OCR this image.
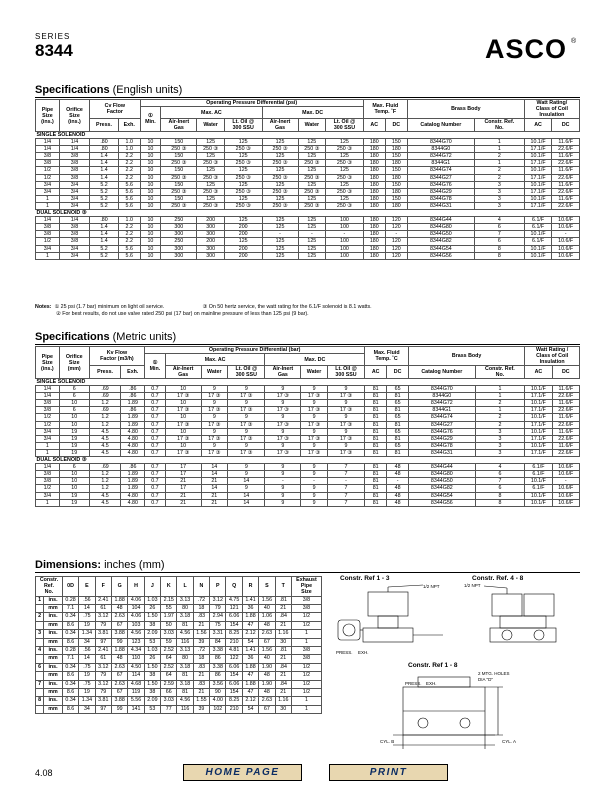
SERIES
8344	ASCO ®
Specifications (English units)
Pipe
Size
(ins.)	Orifice
Size
(ins.)	Cv Flow
Factor		Operating Pressure Differential (psi)							Max. Fluid
Temp. ˚F		Brass Body		Watt Rating/
Class of Coil
Insulation	
				①
Min.	Max. AC			Max. DC								
		Press.	Exh.		Air-Inert
Gas	Water	Lt. Oil @
300 SSU	Air-Inert
Gas	Water	Lt. Oil @
300 SSU	AC	DC	Catalog Number	Constr. Ref.
No.	AC	DC

SINGLE SOLENOID																
1/4	1/4	.80	1.0	10	150	125	125	125	125	125	180	150	8344G70	1	10.1/F	11.6/F
1/4	1/4	.80	1.0	10	250 ③	250 ③	250 ③	250 ③	250 ③	250 ③	180	180	8344G0	1	17.1/F	22.6/F
3/8	3/8	1.4	2.2	10	150	125	125	125	125	125	180	150	8344G72	2	10.1/F	11.6/F
3/8	3/8	1.4	2.2	10	250 ③	250 ③	250 ③	250 ③	250 ③	250 ③	180	180	8344G1	1	17.1/F	22.6/F
1/2	3/8	1.4	2.2	10	150	125	125	125	125	125	180	150	8344G74	2	10.1/F	11.6/F
1/2	3/8	1.4	2.2	10	250 ③	250 ③	250 ③	250 ③	250 ③	250 ③	180	180	8344G27	2	17.1/F	22.6/F
3/4	3/4	5.2	5.6	10	150	125	125	125	125	125	180	150	8344G76	3	10.1/F	11.6/F
3/4	3/4	5.2	5.6	10	250 ③	250 ③	250 ③	250 ③	250 ③	250 ③	180	180	8344G29	3	17.1/F	22.6/F
1	3/4	5.2	5.6	10	150	125	125	125	125	125	180	150	8344G78	3	10.1/F	11.6/F
1	3/4	5.2	5.6	10	250 ③	250 ③	250 ③	250 ③	250 ③	250 ③	180	180	8344G31	3	17.1/F	22.6/F
DUAL SOLENOID ③																
1/4	1/4	.80	1.0	10	250	200	125	125	125	100	180	120	8344G44	4	6.1/F	10.6/F
3/8	3/8	1.4	2.2	10	300	300	200	125	125	100	180	120	8344G80	6	6.1/F	10.6/F
3/8	3/8	1.4	2.2	10	300	300	200	-	-	-	180	-	8344G50	7	10.1/F	-
1/2	3/8	1.4	2.2	10	250	200	125	125	125	100	180	120	8344G82	6	6.1/F	10.6/F
3/4	3/4	5.2	5.6	10	300	300	200	125	125	100	180	120	8344G54	8	10.1/F	10.6/F
1	3/4	5.2	5.6	10	300	300	200	125	125	100	180	120	8344G56	8	10.1/F	10.6/F
Notes: ① 25 psi (1.7 bar) minimum on light oil service.	③ On 50 hertz service, the watt rating for the 6.1/F solenoid is 8.1 watts.
② For best results, do not use valve rated 250 psi (17 bar) on mainline pressure of less than 125 psi (9 bar).
Specifications (Metric units)
Pipe
Size
(ins.)	Orifice
Size
(mm)	Kv Flow
Factor (m3/h)		Operating Pressure Differential (bar)							Max. Fluid
Temp. ˚C		Brass Body		Watt Rating /
Class of Coil
Insulation	
				①
Min.	Max. AC			Max. DC								
		Press.	Exh.		Air-Inert
Gas	Water	Lt. Oil @
300 SSU	Air-Inert
Gas	Water	Lt. Oil @
300 SSU	AC	DC	Catalog Number	Constr. Ref.
No.	AC	DC

SINGLE SOLENOID																
1/4	6	.69	.86	0.7	10	9	9	9	9	9	81	65	8344G70	1	10.1/F	11.6/F
1/4	6	.69	.86	0.7	17 ③	17 ③	17 ③	17 ③	17 ③	17 ③	81	81	8344G0	1	17.1/F	22.6/F
3/8	10	1.2	1.89	0.7	10	9	9	9	9	9	81	65	8344G72	2	10.1/F	11.6/F
3/8	6	.69	.86	0.7	17 ③	17 ③	17 ③	17 ③	17 ③	17 ③	81	81	8344G1	1	17.1/F	22.6/F
1/2	10	1.2	1.89	0.7	10	9	9	9	9	9	81	65	8344G74	2	10.1/F	11.6/F
1/2	10	1.2	1.89	0.7	17 ③	17 ③	17 ③	17 ③	17 ③	17 ③	81	81	8344G27	2	17.1/F	22.6/F
3/4	19	4.5	4.80	0.7	10	9	9	9	9	9	81	65	8344G76	3	10.1/F	11.6/F
3/4	19	4.5	4.80	0.7	17 ③	17 ③	17 ③	17 ③	17 ③	17 ③	81	81	8344G29	3	17.1/F	22.6/F
1	19	4.5	4.80	0.7	10	9	9	9	9	9	81	65	8344G78	3	10.1/F	11.6/F
1	19	4.5	4.80	0.7	17 ③	17 ③	17 ③	17 ③	17 ③	17 ③	81	81	8344G31	3	17.1/F	22.6/F
DUAL SOLENOID ③																
1/4	6	.69	.86	0.7	17	14	9	9	9	7	81	48	8344G44	4	6.1/F	10.6/F
3/8	10	1.2	1.89	0.7	17	14	9	9	9	7	81	48	8344G80	6	6.1/F	10.6/F
3/8	10	1.2	1.89	0.7	21	21	14	-	-	-	81	-	8344G50	7	10.1/F	-
1/2	10	1.2	1.89	0.7	17	14	9	9	9	7	81	48	8344G82	6	6.1/F	10.6/F
3/4	19	4.5	4.80	0.7	21	21	14	9	9	7	81	48	8344G54	8	10.1/F	10.6/F
1	19	4.5	4.80	0.7	21	21	14	9	9	7	81	48	8344G56	8	10.1/F	10.6/F
Dimensions: inches (mm)
Constr.
Ref.
No.		0D	E	F	G	H	J	K	L	N	P	Q	R	S	T	Exhaust
Pipe
Size
1	ins.	0.28	.56	2.41	1.88	4.06	1.03	2.15	3.13	.72	3.12	4.75	1.41	1.56	.81	3/8
	mm	7.1	14	61	48	104	26	55	80	18	79	121	36	40	21	3/8
2	ins.	0.34	.75	3.12	2.63	4.06	1.50	1.97	3.18	.83	2.94	6.06	1.88	1.06	.84	1/2
	mm	8.6	19	79	67	103	38	50	81	21	75	154	47	48	21	1/2
3	ins.	0.34	1.34	3.81	3.88	4.56	2.09	3.03	4.56	1.56	3.31	8.25	2.12	2.63	1.16	1
	mm	8.6	34	97	99	123	53	59	116	39	84	210	54	67	30	1
4	ins.	0.28	.56	2.41	1.88	4.34	1.03	2.52	3.13	.72	3.38	4.81	1.41	1.56	.81	3/8
	mm	7.1	14	61	48	110	26	64	80	18	86	122	36	40	21	3/8
6	ins.	0.34	.75	3.12	2.63	4.50	1.50	2.52	3.18	.83	3.38	6.06	1.88	1.90	.84	1/2
	mm	8.6	19	79	67	114	38	64	81	21	86	154	47	48	21	1/2
7	ins.	0.34	.75	3.12	2.63	4.68	1.50	2.59	3.18	.83	3.56	6.06	1.88	1.90	.84	1/2
	mm	8.6	19	79	67	119	38	66	81	21	90	154	47	48	21	1/2
8	ins.	0.34	1.34	3.81	3.88	5.56	2.09	3.03	4.56	1.55	4.00	8.25	2.12	2.63	1.16	1
	mm	8.6	34	97	99	141	53	77	116	39	102	210	54	67	30	1
Constr. Ref 1 - 3
1/2 NPT
PRESS. EXH.
Constr. Ref. 4 - 8
1/2 NPT
Constr. Ref 1 - 8
2 MTG. HOLES
DIA "D"
PRESS. EXH.
CYL. B	CYL. A
4.08	HOME PAGE	PRINT
